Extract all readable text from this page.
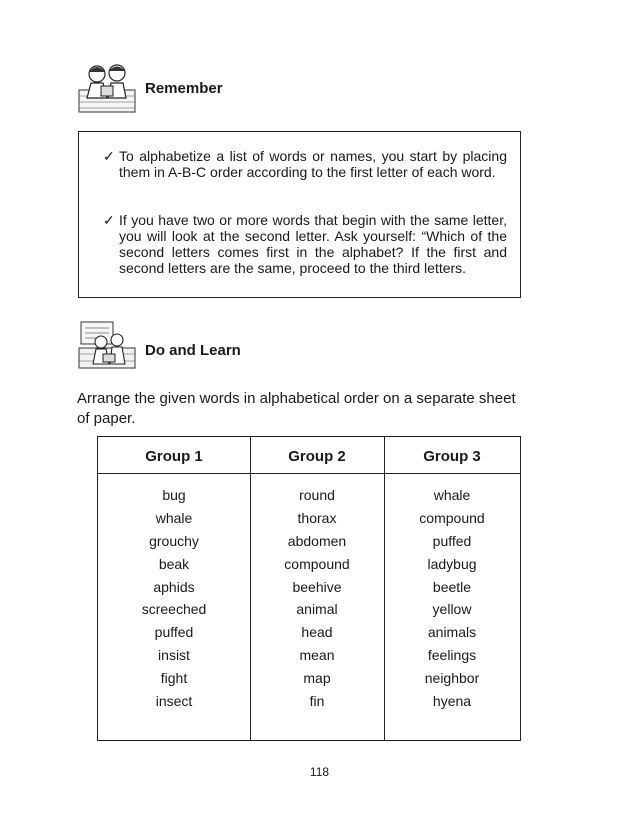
Remember
✓ To alphabetize a list of words or names, you start by placing them in A-B-C order according to the first letter of each word.
✓ If you have two or more words that begin with the same letter, you will look at the second letter. Ask yourself: “Which of the second letters comes first in the alphabet? If the first and second letters are the same, proceed to the third letters.
Do and Learn
Arrange the given words in alphabetical order on a separate sheet of paper.
Group 1
bug
whale
grouchy
beak
aphids
screeched
puffed
insist
fight
insect
Group 2
round
thorax
abdomen
compound
beehive
animal
head
mean
map
fin
Group 3
whale
compound
puffed
ladybug
beetle
yellow
animals
feelings
neighbor
hyena
118
